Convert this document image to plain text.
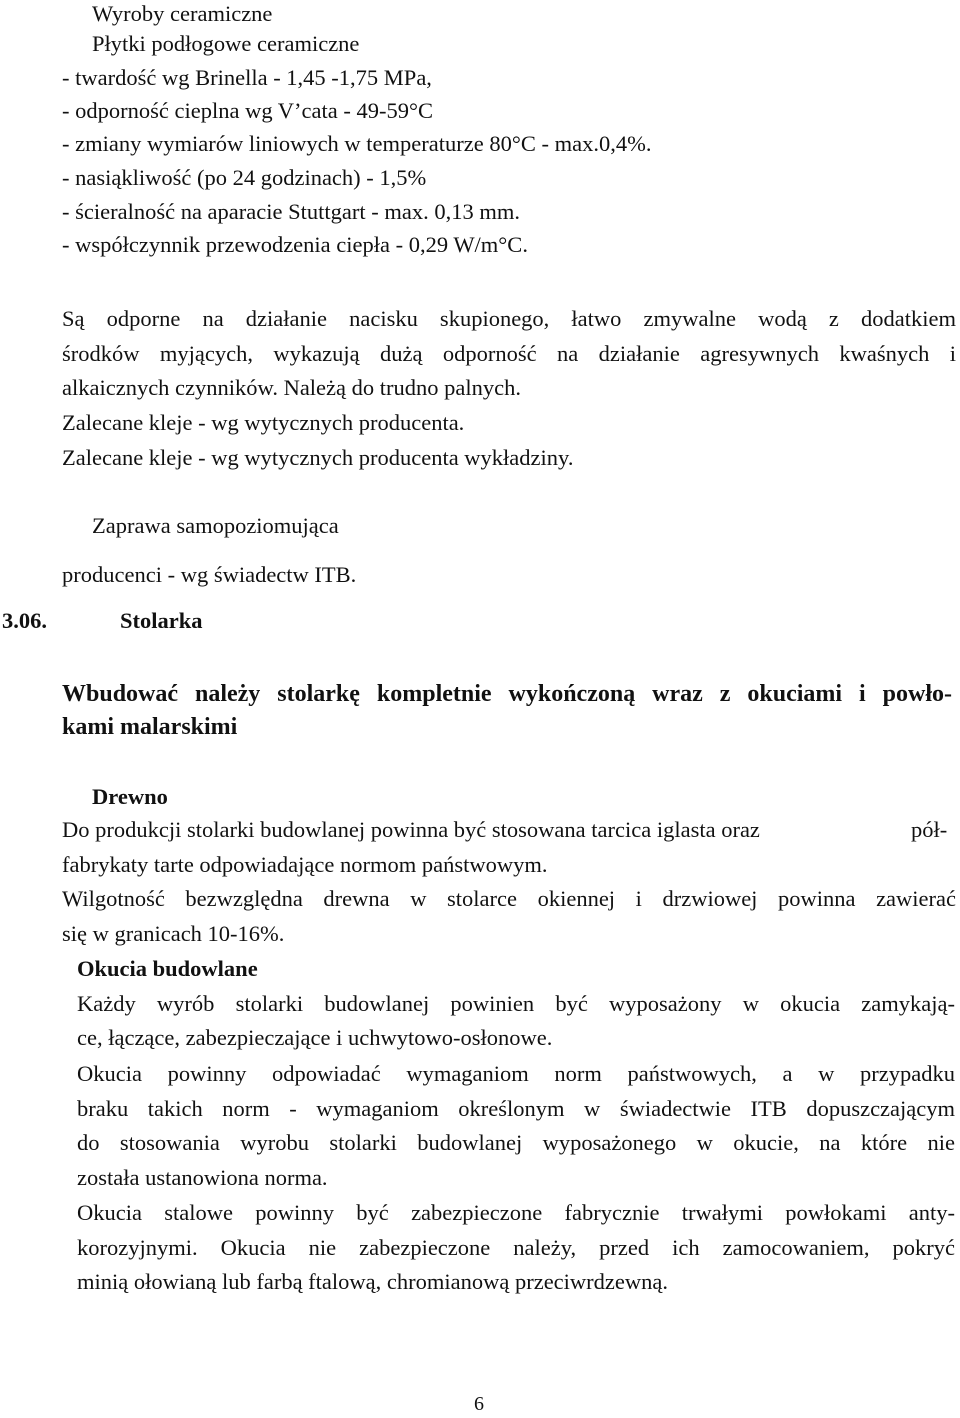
Wyroby ceramiczne

Płytki podłogowe ceramiczne

- twardość wg Brinella - 1,45 -1,75 MPa,

- odporność cieplna wg V’cata - 49-59°C

- zmiany wymiarów liniowych w temperaturze 80°C - max.0,4%.

- nasiąkliwość (po 24 godzinach) - 1,5%

- ścieralność na aparacie Stuttgart - max. 0,13 mm.

- współczynnik przewodzenia ciepła - 0,29 W/m°C.

Są odporne na działanie nacisku skupionego, łatwo zmywalne wodą z dodatkiem

środków myjących, wykazują dużą odporność na działanie agresywnych kwaśnych i

alkaicznych czynników. Należą do trudno palnych.

Zalecane kleje - wg wytycznych producenta.

Zalecane kleje - wg wytycznych producenta wykładziny.

Zaprawa samopoziomująca

producenci - wg świadectw ITB.

3.06.	Stolarka

Wbudować należy stolarkę kompletnie wykończoną wraz z okuciami i powło-

kami malarskimi

Drewno

Do produkcji stolarki budowlanej powinna być stosowana tarcica iglasta oraz	pół-

fabrykaty tarte odpowiadające normom państwowym.

Wilgotność bezwzględna drewna w stolarce okiennej i drzwiowej powinna zawierać

się w granicach 10-16%.

Okucia budowlane

Każdy wyrób stolarki budowlanej powinien być wyposażony w okucia zamykają-

ce, łączące, zabezpieczające i uchwytowo-osłonowe.

Okucia powinny odpowiadać wymaganiom norm państwowych, a w przypadku

braku takich norm - wymaganiom określonym w świadectwie ITB dopuszczającym

do stosowania wyrobu stolarki budowlanej wyposażonego w okucie, na które nie

została ustanowiona norma.

Okucia stalowe powinny być zabezpieczone fabrycznie trwałymi powłokami anty-

korozyjnymi. Okucia nie zabezpieczone należy, przed ich zamocowaniem, pokryć

minią ołowianą lub farbą ftalową, chromianową przeciwrdzewną.

6
